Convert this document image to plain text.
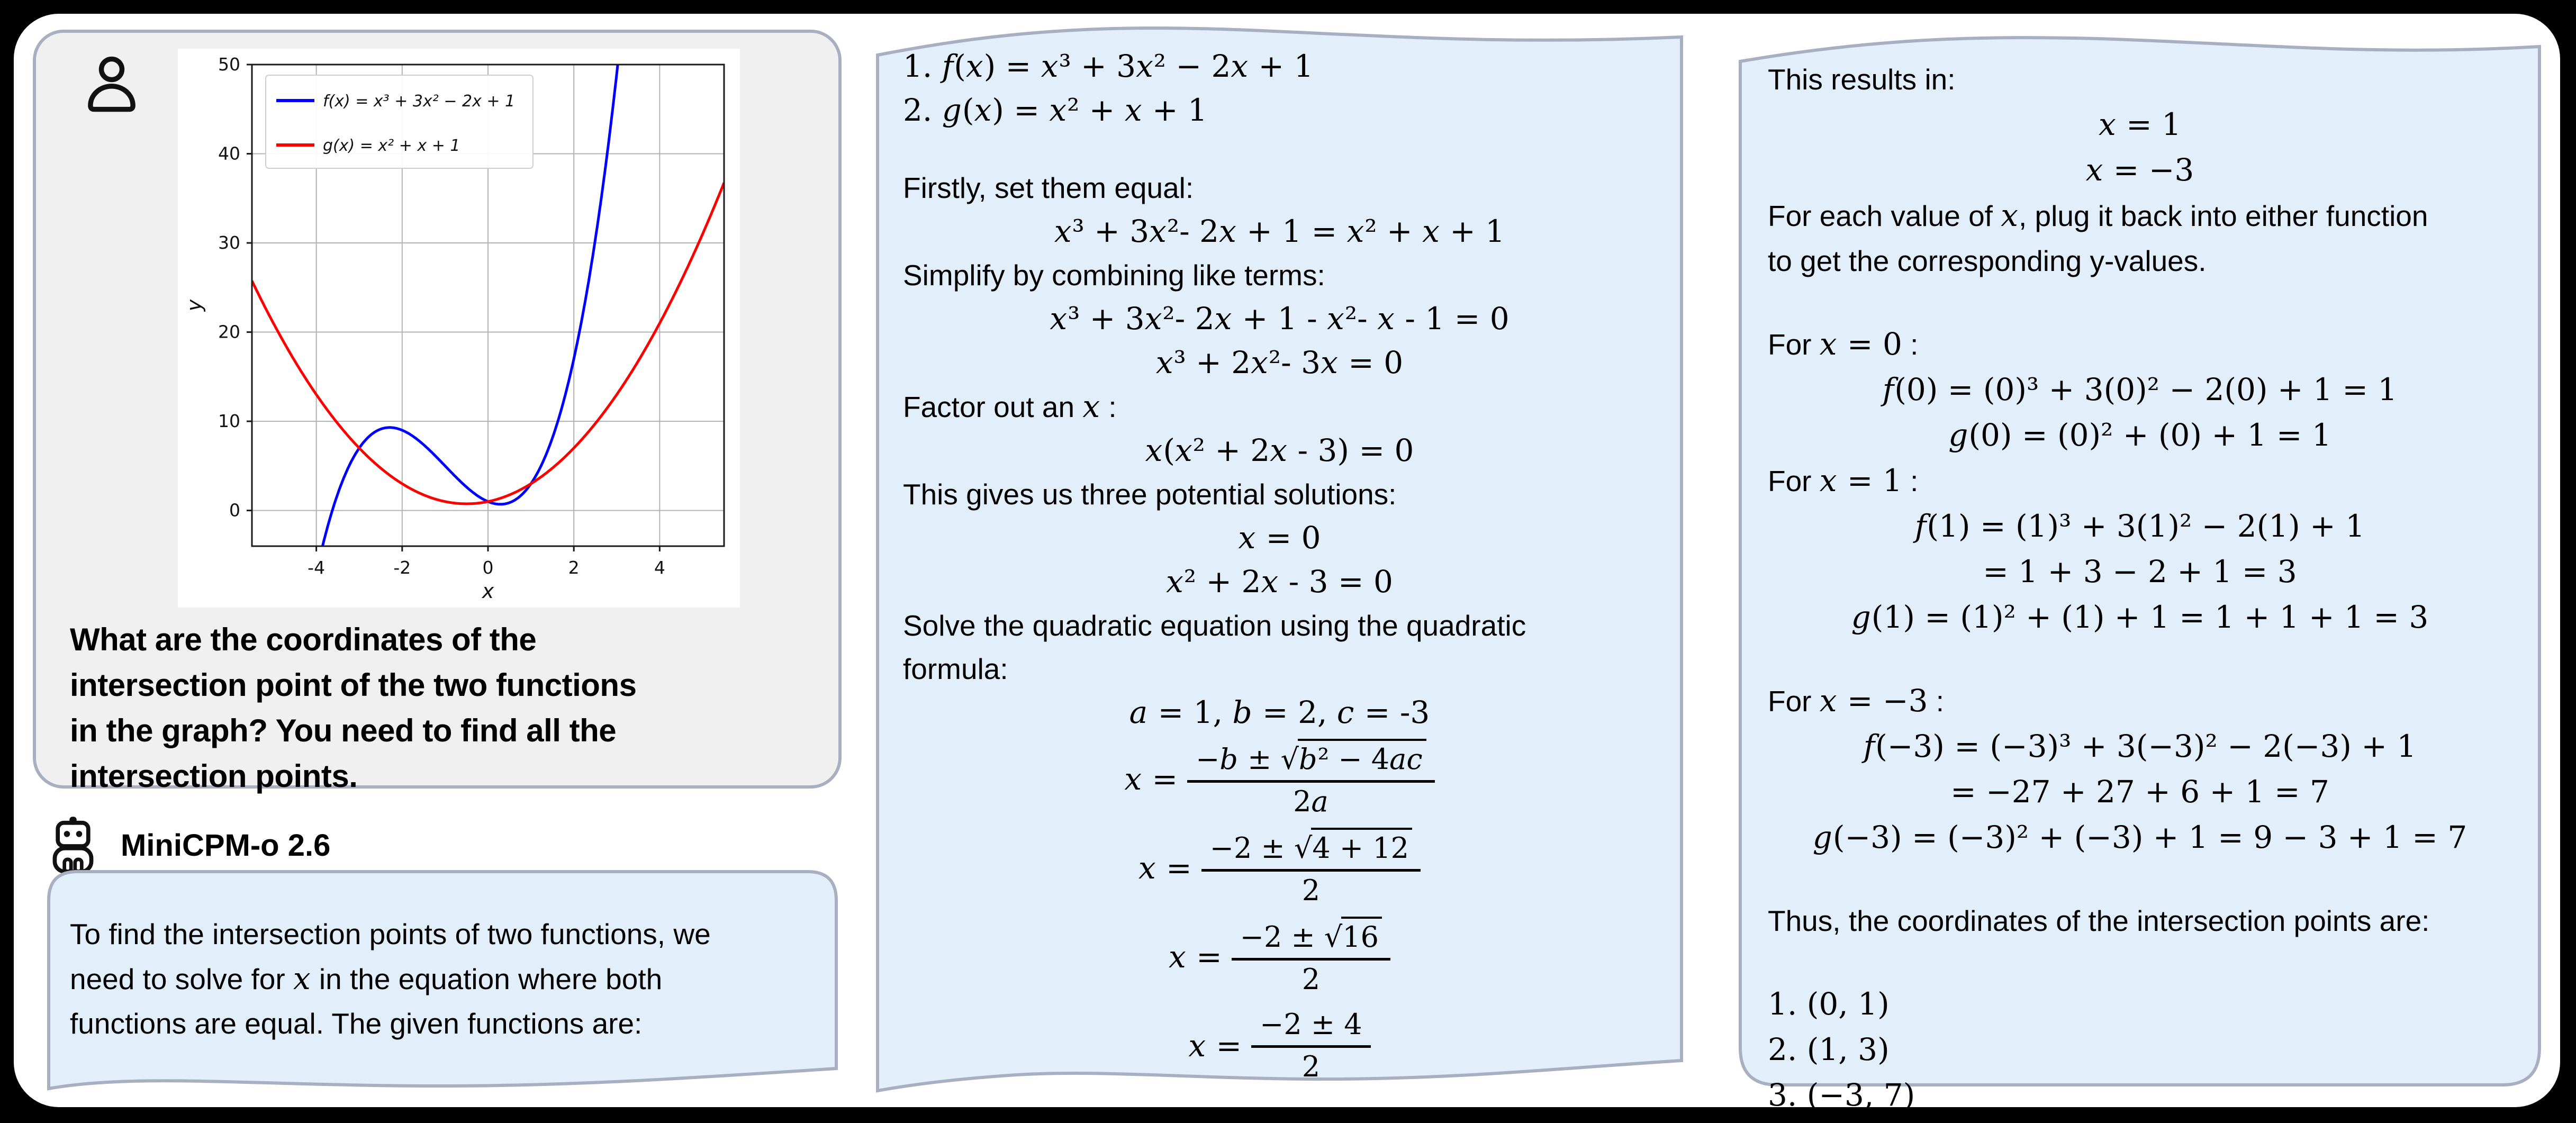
-4	-2	0	2	4
0
10
20
30
40
50
x
y
f(x) = x³ + 3x² − 2x + 1
g(x) = x² + x + 1
What are the coordinates of the
intersection point of the two functions
in the graph? You need to find all the
intersection points.
MiniCPM-o 2.6
To find the intersection points of two functions, we
need to solve for x in the equation where both
functions are equal. The given functions are:
1. f(x) = x³ + 3x² − 2x + 1
2. g(x) = x² + x + 1
Firstly, set them equal:
x³ + 3x²- 2x + 1 = x² + x + 1
Simplify by combining like terms:
x³ + 3x²- 2x + 1 - x²- x - 1 = 0
x³ + 2x²- 3x = 0
Factor out an x :
x(x² + 2x - 3) = 0
This gives us three potential solutions:
x = 0
x² + 2x - 3 = 0
Solve the quadratic equation using the quadratic
formula:
a = 1, b = 2, c = -3
$x = \frac{\text{−b ± √b² − 4ac}}{2a}$
$x = \frac{-2 \pm √4 + 12}{2}$
$x = \frac{-2 \pm √16}{2}$
$x = \frac{-2 \pm 4}{2}$
This results in:
x = 1
x = −3
For each value of x, plug it back into either function
to get the corresponding y-values.
For x = 0 :
f(0) = (0)³ + 3(0)² − 2(0) + 1 = 1
g(0) = (0)² + (0) + 1 = 1
For x = 1 :
f(1) = (1)³ + 3(1)² − 2(1) + 1
= 1 + 3 − 2 + 1 = 3
g(1) = (1)² + (1) + 1 = 1 + 1 + 1 = 3
For x = −3 :
f(−3) = (−3)³ + 3(−3)² − 2(−3) + 1
= −27 + 27 + 6 + 1 = 7
g(−3) = (−3)² + (−3) + 1 = 9 − 3 + 1 = 7
Thus, the coordinates of the intersection points are:
1. (0, 1)
2. (1, 3)
3. (−3, 7)
